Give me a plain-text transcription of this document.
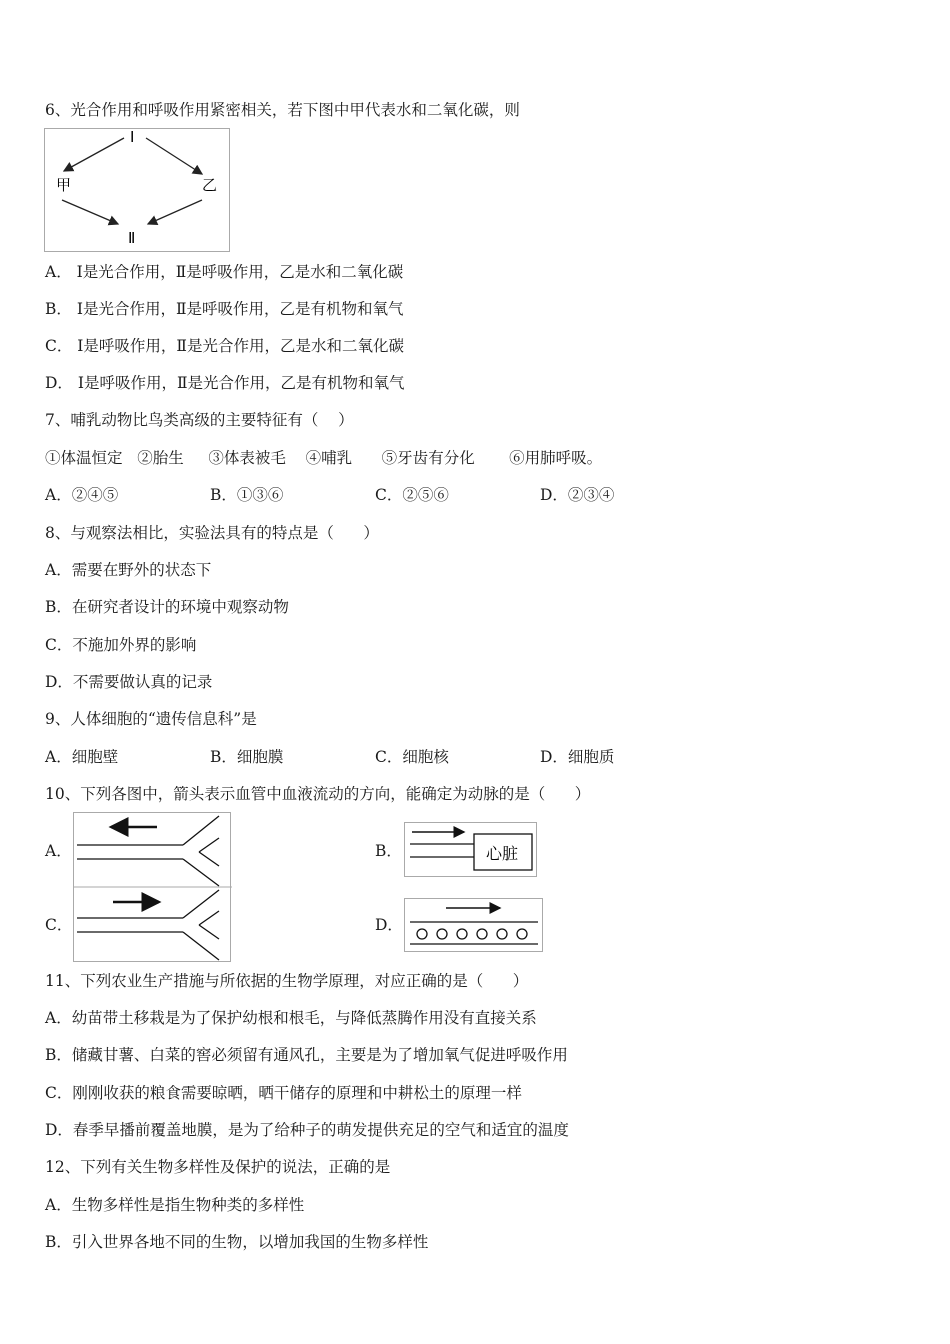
6、光合作用和呼吸作用紧密相关，若下图中甲代表水和二氧化碳，则
Ⅰ
甲	乙
Ⅱ
A． Ⅰ是光合作用，Ⅱ是呼吸作用，乙是水和二氧化碳
B． Ⅰ是光合作用，Ⅱ是呼吸作用，乙是有机物和氧气
C． Ⅰ是呼吸作用，Ⅱ是光合作用，乙是水和二氧化碳
D． Ⅰ是呼吸作用，Ⅱ是光合作用，乙是有机物和氧气
7、哺乳动物比鸟类高级的主要特征有（    ）
①体温恒定   ②胎生     ③体表被毛    ④哺乳      ⑤牙齿有分化       ⑥用肺呼吸。
A．②④⑤	B．①③⑥	C．②⑤⑥	D．②③④
8、与观察法相比，实验法具有的特点是（      ）
A．需要在野外的状态下
B．在研究者设计的环境中观察动物
C．不施加外界的影响
D．不需要做认真的记录
9、人体细胞的“遗传信息科”是
A．细胞壁	B．细胞膜	C．细胞核	D．细胞质
10、下列各图中，箭头表示血管中血液流动的方向，能确定为动脉的是（      ）
A．
C．
B．	心脏
D．
11、下列农业生产措施与所依据的生物学原理，对应正确的是（      ）
A．幼苗带土移栽是为了保护幼根和根毛，与降低蒸腾作用没有直接关系
B．储藏甘薯、白菜的窖必须留有通风孔，主要是为了增加氧气促进呼吸作用
C．刚刚收获的粮食需要晾晒，晒干储存的原理和中耕松土的原理一样
D．春季早播前覆盖地膜，是为了给种子的萌发提供充足的空气和适宜的温度
12、下列有关生物多样性及保护的说法，正确的是
A．生物多样性是指生物种类的多样性
B．引入世界各地不同的生物，以增加我国的生物多样性
